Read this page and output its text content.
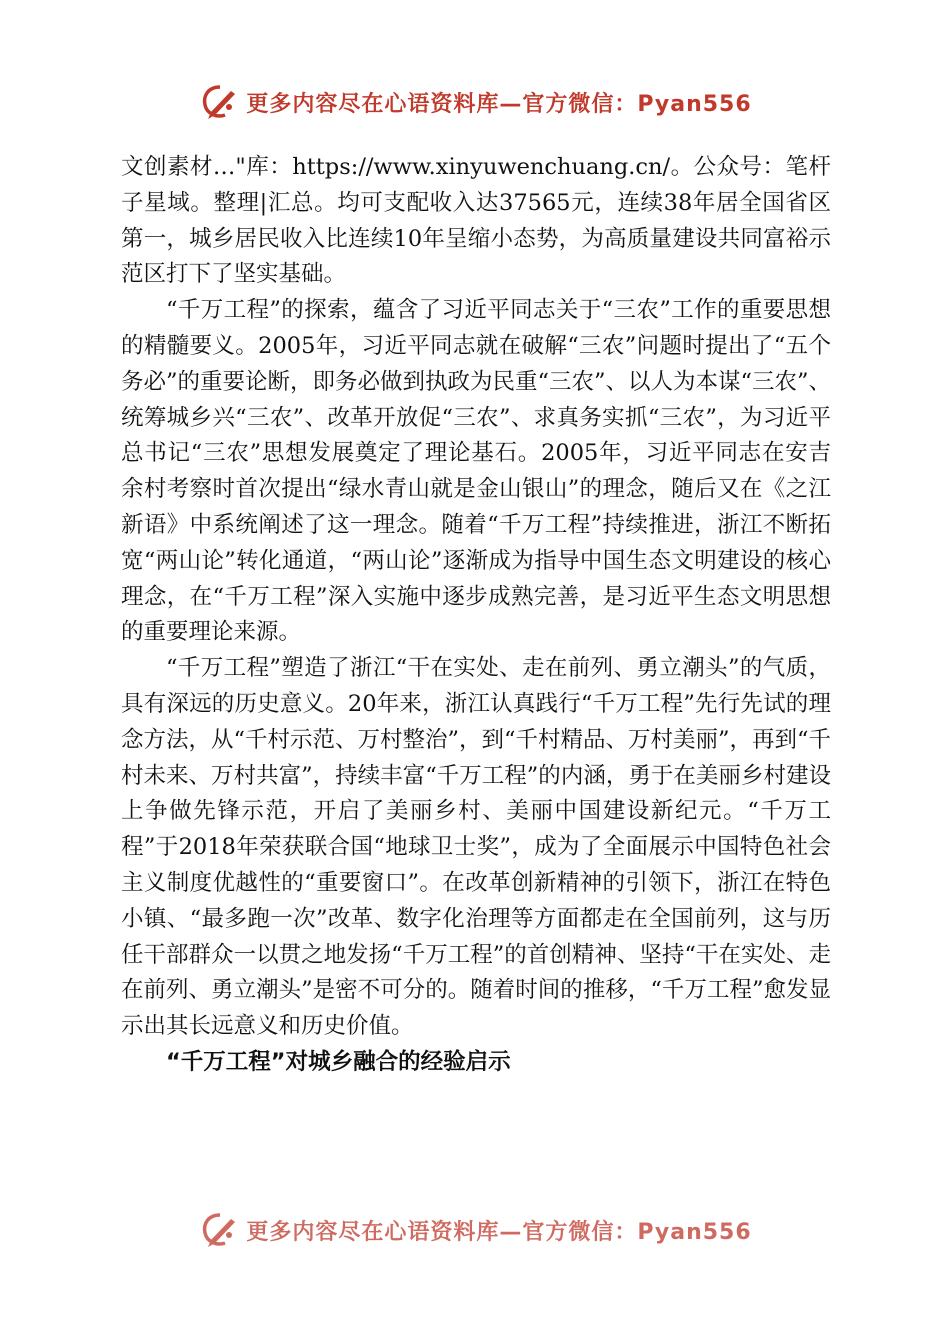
更多内容尽在心语资料库—官方微信：Pyan556

文创素材…"库：https://www.xinyuwenchuang.cn/。公众号：笔杆子星域。整理|汇总。均可支配收入达37565元，连续38年居全国省区第一，城乡居民收入比连续10年呈缩小态势，为高质量建设共同富裕示范区打下了坚实基础。

“千万工程”的探索，蕴含了习近平同志关于“三农”工作的重要思想的精髓要义。2005年，习近平同志就在破解“三农”问题时提出了“五个务必”的重要论断，即务必做到执政为民重“三农”、以人为本谋“三农”、统筹城乡兴“三农”、改革开放促“三农”、求真务实抓“三农”，为习近平总书记“三农”思想发展奠定了理论基石。2005年，习近平同志在安吉余村考察时首次提出“绿水青山就是金山银山”的理念，随后又在《之江新语》中系统阐述了这一理念。随着“千万工程”持续推进，浙江不断拓宽“两山论”转化通道，“两山论”逐渐成为指导中国生态文明建设的核心理念，在“千万工程”深入实施中逐步成熟完善，是习近平生态文明思想的重要理论来源。

“千万工程”塑造了浙江“干在实处、走在前列、勇立潮头”的气质，具有深远的历史意义。20年来，浙江认真践行“千万工程”先行先试的理念方法，从“千村示范、万村整治”，到“千村精品、万村美丽”，再到“千村未来、万村共富”，持续丰富“千万工程”的内涵，勇于在美丽乡村建设上争做先锋示范，开启了美丽乡村、美丽中国建设新纪元。“千万工程”于2018年荣获联合国“地球卫士奖”，成为了全面展示中国特色社会主义制度优越性的“重要窗口”。在改革创新精神的引领下，浙江在特色小镇、“最多跑一次”改革、数字化治理等方面都走在全国前列，这与历任干部群众一以贯之地发扬“千万工程”的首创精神、坚持“干在实处、走在前列、勇立潮头”是密不可分的。随着时间的推移，“千万工程”愈发显示出其长远意义和历史价值。

“千万工程”对城乡融合的经验启示

更多内容尽在心语资料库—官方微信：Pyan556
